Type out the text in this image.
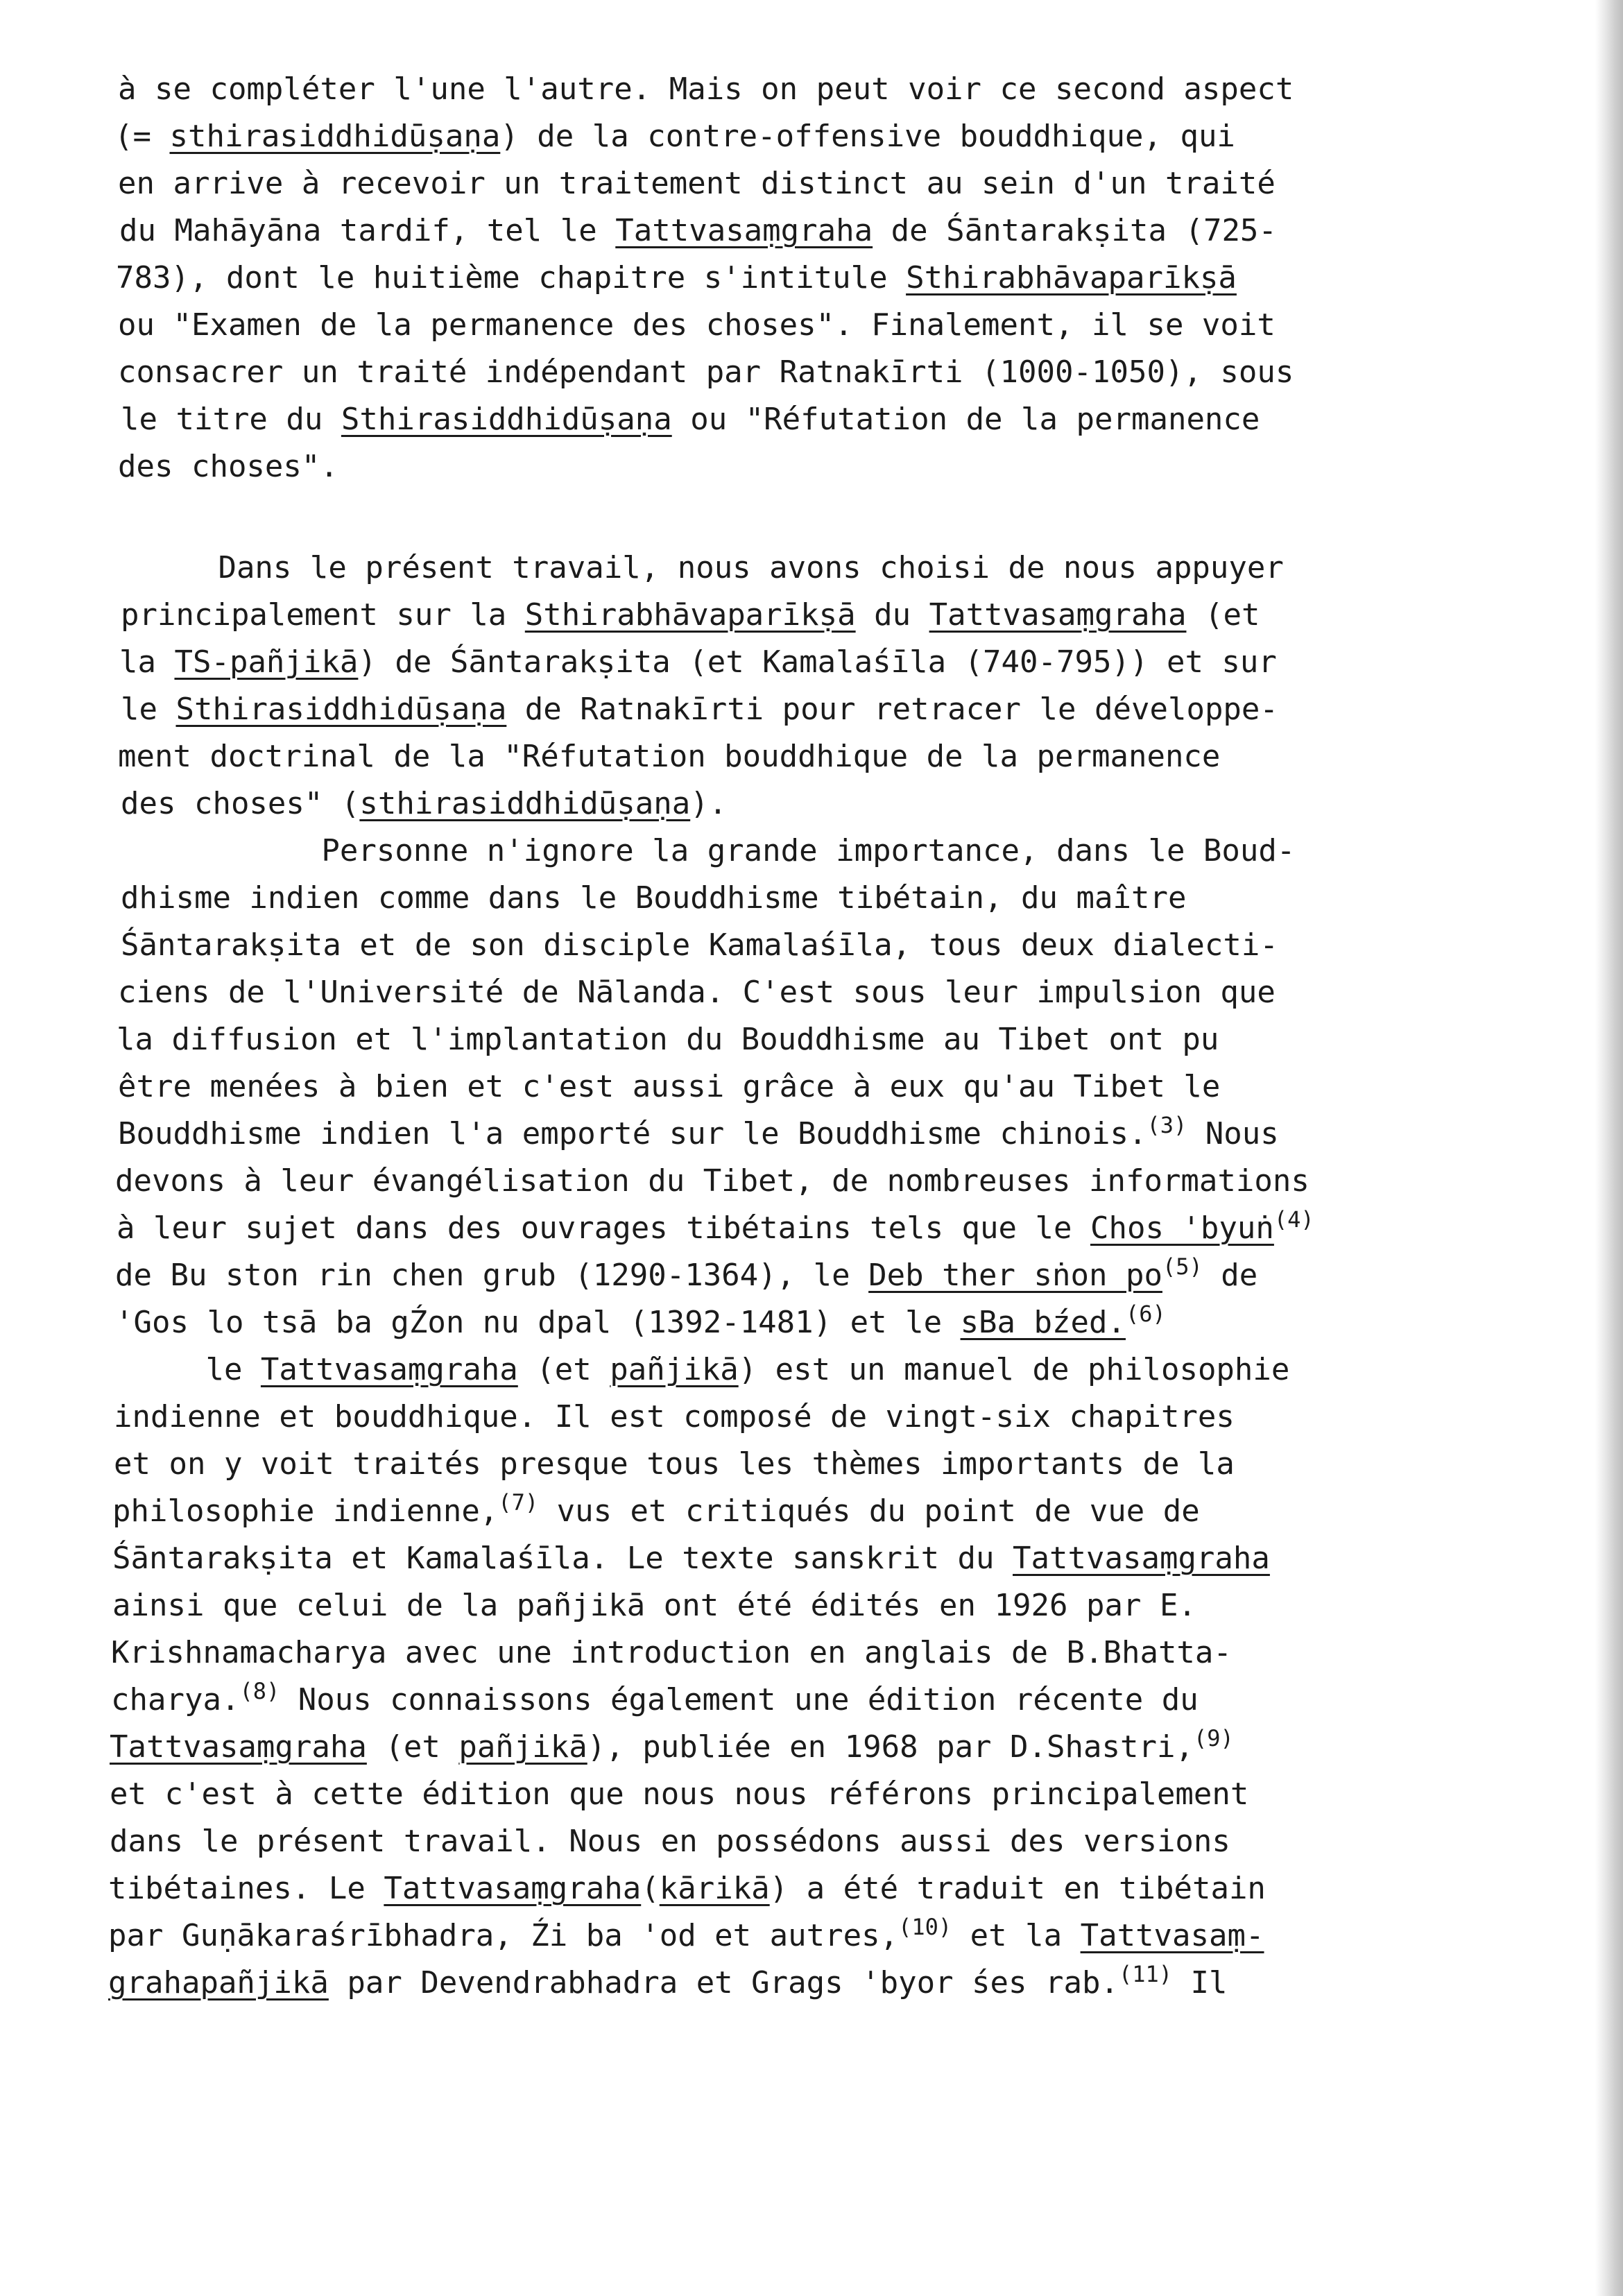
à se compléter l'une l'autre. Mais on peut voir ce second aspect
(= sthirasiddhidūṣaṇa) de la contre-offensive bouddhique, qui
en arrive à recevoir un traitement distinct au sein d'un traité
du Mahāyāna tardif, tel le Tattvasaṃgraha de Śāntarakṣita (725-
783), dont le huitième chapitre s'intitule Sthirabhāvaparīkṣā
ou "Examen de la permanence des choses". Finalement, il se voit
consacrer un traité indépendant par Ratnakīrti (1000-1050), sous
le titre du Sthirasiddhidūṣaṇa ou "Réfutation de la permanence
des choses".
Dans le présent travail, nous avons choisi de nous appuyer
principalement sur la Sthirabhāvaparīkṣā du Tattvasaṃgraha (et
la TS-pañjikā) de Śāntarakṣita (et Kamalaśīla (740-795)) et sur
le Sthirasiddhidūṣaṇa de Ratnakīrti pour retracer le développe-
ment doctrinal de la "Réfutation bouddhique de la permanence
des choses" (sthirasiddhidūṣaṇa).
Personne n'ignore la grande importance, dans le Boud-
dhisme indien comme dans le Bouddhisme tibétain, du maître
Śāntarakṣita et de son disciple Kamalaśīla, tous deux dialecti-
ciens de l'Université de Nālanda. C'est sous leur impulsion que
la diffusion et l'implantation du Bouddhisme au Tibet ont pu
être menées à bien et c'est aussi grâce à eux qu'au Tibet le
Bouddhisme indien l'a emporté sur le Bouddhisme chinois.$^{(3)}$ Nous
devons à leur évangélisation du Tibet, de nombreuses informations
à leur sujet dans des ouvrages tibétains tels que le Chos 'byuṅ$^{(4)}$
de Bu ston rin chen grub (1290-1364), le Deb ther sṅon $po^{(5)}$ de
'Gos lo tsā ba gŹon nu dpal (1392-1481) et le sBa bźed.$^{(6)}$
le Tattvasaṃgraha (et pañjikā) est un manuel de philosophie
indienne et bouddhique. Il est composé de vingt-six chapitres
et on y voit traités presque tous les thèmes importants de la
philosophie indienne,$^{(7)}$ vus et critiqués du point de vue de
Śāntarakṣita et Kamalaśīla. Le texte sanskrit du Tattvasaṃgraha
ainsi que celui de la pañjikā ont été édités en 1926 par E.
Krishnamacharya avec une introduction en anglais de B.Bhatta-
charya.$^{(8)}$ Nous connaissons également une édition récente du
Tattvasaṃgraha (et pañjikā), publiée en 1968 par D.Shastri,$^{(9)}$
et c'est à cette édition que nous nous référons principalement
dans le présent travail. Nous en possédons aussi des versions
tibétaines. Le Tattvasaṃgraha(kārikā) a été traduit en tibétain
par Guṇākaraśrībhadra, Źi ba 'od et autres,$^{(10)}$ et la Tattvasaṃ-
grahapañjikā par Devendrabhadra et Grags 'byor śes rab.$^{(11)}$ Il
